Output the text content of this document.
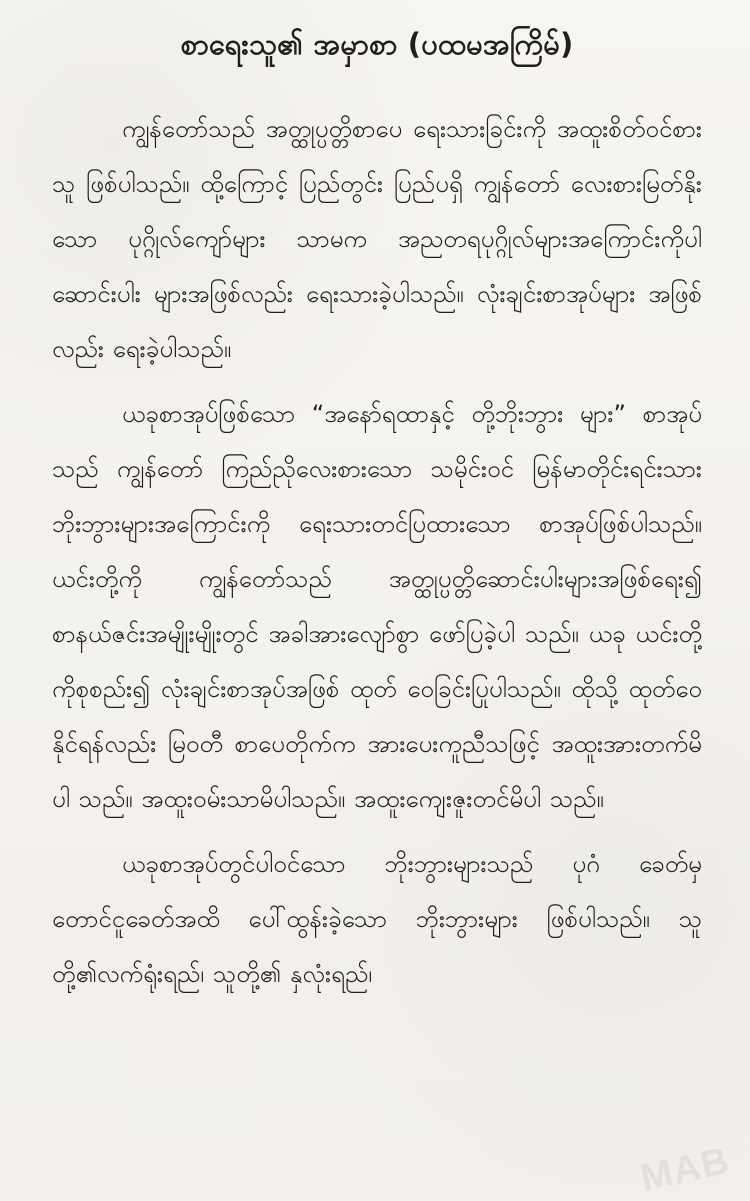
စာရေးသူ၏ အမှာစာ (ပထမအကြိမ်)

ကျွန်တော်သည် အတ္ထုပ္ပတ္တိစာပေ ရေးသားခြင်းကို အထူးစိတ်ဝင်စားသူ ဖြစ်ပါသည်။ ထို့ကြောင့် ပြည်တွင်း ပြည်ပရှိ ကျွန်တော် လေးစားမြတ်နိုးသော ပုဂ္ဂိုလ်ကျော်များ သာမက အညတရပုဂ္ဂိုလ်များအကြောင်းကိုပါ ဆောင်းပါး များအဖြစ်လည်း ရေးသားခဲ့ပါသည်။ လုံးချင်းစာအုပ်များ အဖြစ်လည်း ရေးခဲ့ပါသည်။

ယခုစာအုပ်ဖြစ်သော “အနော်ရထာနှင့် တို့ဘိုးဘွား များ” စာအုပ်သည် ကျွန်တော် ကြည်ညိုလေးစားသော သမိုင်းဝင် မြန်မာတိုင်းရင်းသား ဘိုးဘွားများအကြောင်းကို ရေးသားတင်ပြထားသော စာအုပ်ဖြစ်ပါသည်။ ယင်းတို့ကို ကျွန်တော်သည် အတ္ထုပ္ပတ္တိဆောင်းပါးများအဖြစ်ရေး၍ စာနယ်ဇင်းအမျိုးမျိုးတွင် အခါအားလျော်စွာ ဖော်ပြခဲ့ပါ သည်။ ယခု ယင်းတို့ကိုစုစည်း၍ လုံးချင်းစာအုပ်အဖြစ် ထုတ် ဝေခြင်းပြုပါသည်။ ထိုသို့ ထုတ်ဝေနိုင်ရန်လည်း မြဝတီ စာပေတိုက်က အားပေးကူညီသဖြင့် အထူးအားတက်မိပါ သည်။ အထူးဝမ်းသာမိပါသည်။ အထူးကျေးဇူးတင်မိပါ သည်။

ယခုစာအုပ်တွင်ပါဝင်သော ဘိုးဘွားများသည် ပုဂံ ခေတ်မှ တောင်ငူခေတ်အထိ ပေါ်ထွန်းခဲ့သော ဘိုးဘွားများ ဖြစ်ပါသည်။ သူတို့၏လက်ရုံးရည်၊ သူတို့၏ နှလုံးရည်၊

MAB
